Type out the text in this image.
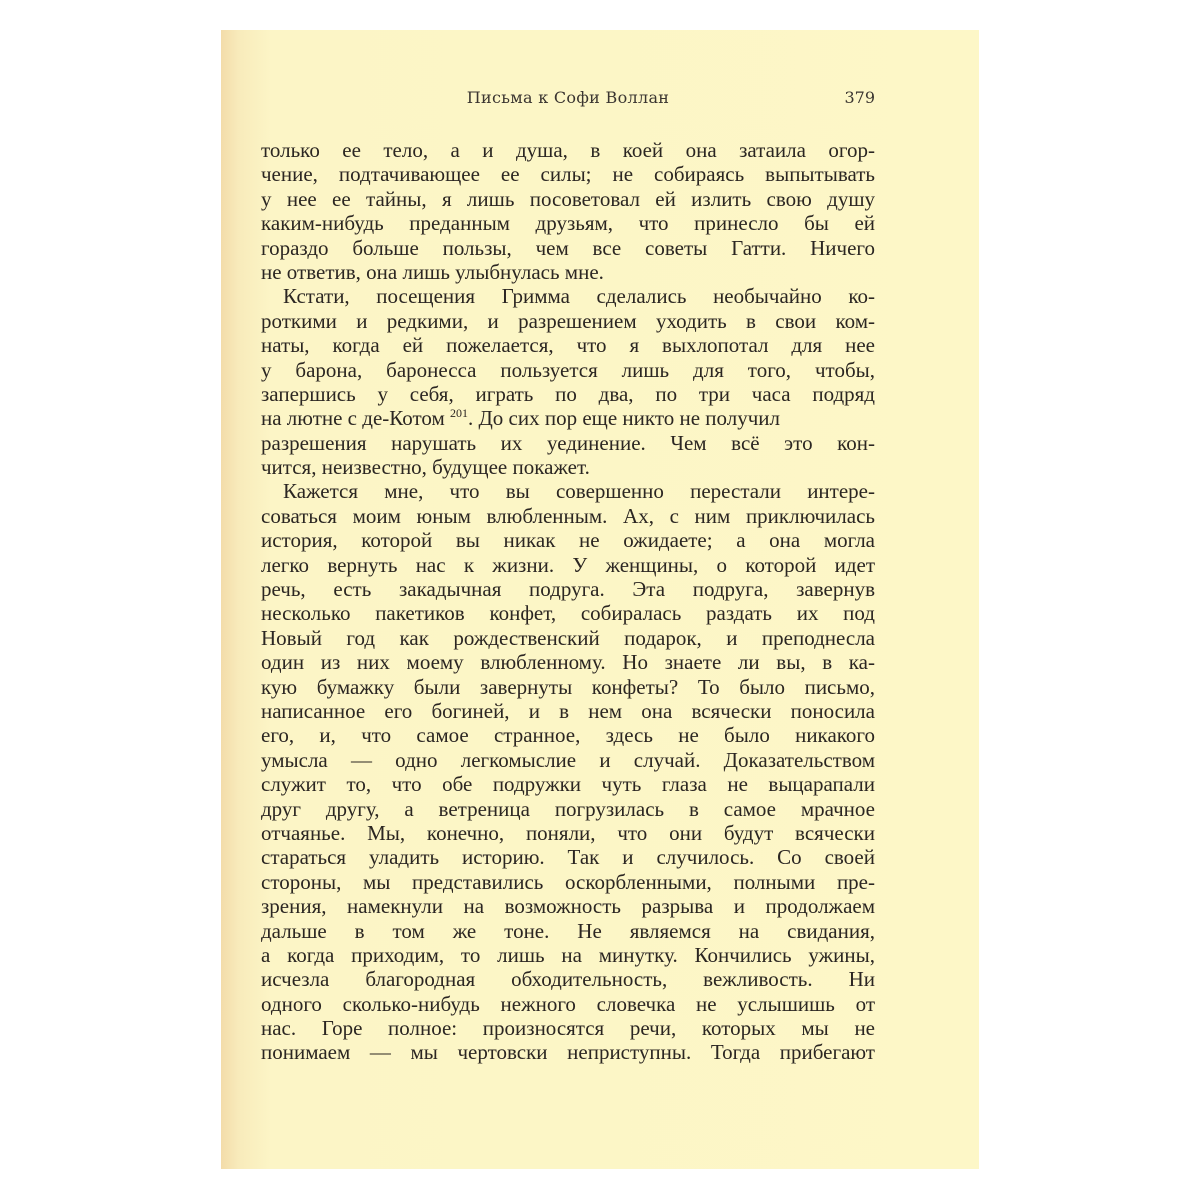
Письма к Софи Воллан	379
только ее тело, а и душа, в коей она затаила огор-
чение, подтачивающее ее силы; не собираясь выпытывать
у нее ее тайны, я лишь посоветовал ей излить свою душу
каким-нибудь преданным друзьям, что принесло бы ей
гораздо больше пользы, чем все советы Гатти. Ничего
не ответив, она лишь улыбнулась мне.
Кстати, посещения Гримма сделались необычайно ко-
роткими и редкими, и разрешением уходить в свои ком-
наты, когда ей пожелается, что я выхлопотал для нее
у барона, баронесса пользуется лишь для того, чтобы,
запершись у себя, играть по два, по три часа подряд
на лютне с де-Котом $^{201}$. До сих пор еще никто не получил
разрешения нарушать их уединение. Чем всё это кон-
чится, неизвестно, будущее покажет.
Кажется мне, что вы совершенно перестали интере-
соваться моим юным влюбленным. Ах, с ним приключилась
история, которой вы никак не ожидаете; а она могла
легко вернуть нас к жизни. У женщины, о которой идет
речь, есть закадычная подруга. Эта подруга, завернув
несколько пакетиков конфет, собиралась раздать их под
Новый год как рождественский подарок, и преподнесла
один из них моему влюбленному. Но знаете ли вы, в ка-
кую бумажку были завернуты конфеты? То было письмо,
написанное его богиней, и в нем она всячески поносила
его, и, что самое странное, здесь не было никакого
умысла — одно легкомыслие и случай. Доказательством
служит то, что обе подружки чуть глаза не выцарапали
друг другу, а ветреница погрузилась в самое мрачное
отчаянье. Мы, конечно, поняли, что они будут всячески
стараться уладить историю. Так и случилось. Со своей
стороны, мы представились оскорбленными, полными пре-
зрения, намекнули на возможность разрыва и продолжаем
дальше в том же тоне. Не являемся на свидания,
а когда приходим, то лишь на минутку. Кончились ужины,
исчезла благородная обходительность, вежливость. Ни
одного сколько-нибудь нежного словечка не услышишь от
нас. Горе полное: произносятся речи, которых мы не
понимаем — мы чертовски неприступны. Тогда прибегают
